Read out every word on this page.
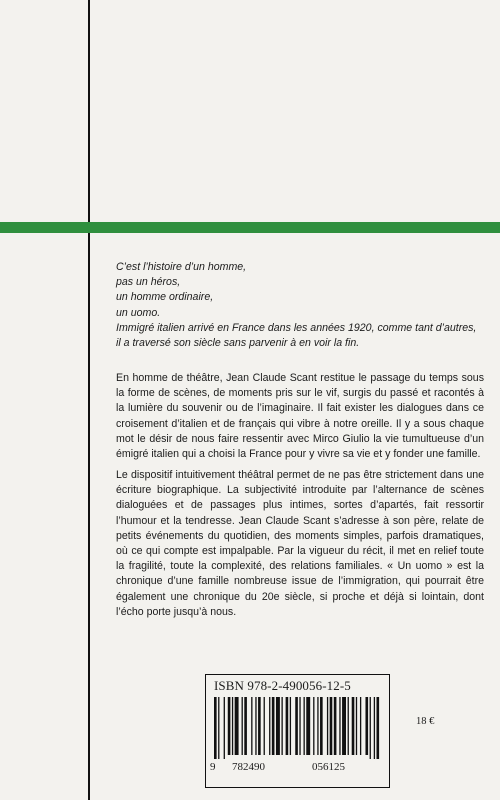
C’est l’histoire d’un homme,
pas un héros,
un homme ordinaire,
un uomo.
Immigré italien arrivé en France dans les années 1920, comme tant d’autres,
il a traversé son siècle sans parvenir à en voir la fin.
En homme de théâtre, Jean Claude Scant restitue le passage du temps sous la forme de scènes, de moments pris sur le vif, surgis du passé et racontés à la lumière du souvenir ou de l’imaginaire. Il fait exister les dialogues dans ce croisement d’italien et de français qui vibre à notre oreille. Il y a sous chaque mot le désir de nous faire ressentir avec Mirco Giulio la vie tumultueuse d’un émigré italien qui a choisi la France pour y vivre sa vie et y fonder une famille.
Le dispositif intuitivement théâtral permet de ne pas être strictement dans une écriture biographique. La subjectivité introduite par l’alternance de scènes dialoguées et de passages plus intimes, sortes d’apartés, fait ressortir l’humour et la tendresse. Jean Claude Scant s’adresse à son père, relate de petits événements du quotidien, des moments simples, parfois dramatiques, où ce qui compte est impalpable. Par la vigueur du récit, il met en relief toute la fragilité, toute la complexité, des relations familiales. « Un uomo » est la chronique d’une famille nombreuse issue de l’immigration, qui pourrait être également une chronique du 20e siècle, si proche et déjà si lointain, dont l’écho porte jusqu’à nous.
ISBN 978-2-490056-12-5
9 782490	056125
18 €
